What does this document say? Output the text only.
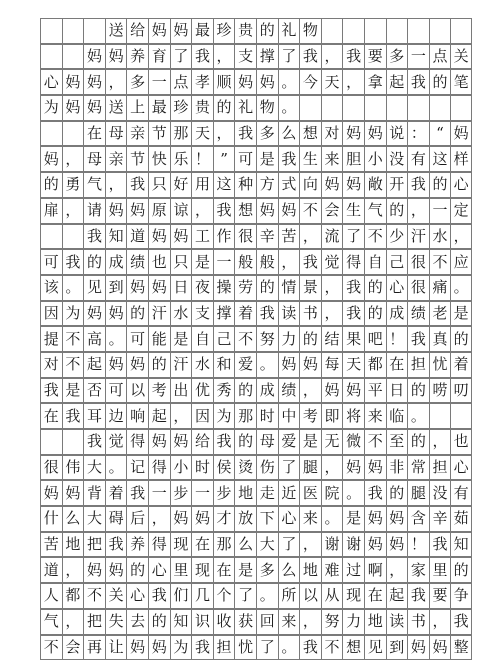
送 给 妈 妈 最 珍 贵 的 礼 物
妈 妈 养 育 了 我 ， 支 撑 了 我 ， 我 要 多 一 点 关
心 妈 妈 ， 多 一 点 孝 顺 妈 妈 。 今 天 ， 拿 起 我 的 笔
为 妈 妈 送 上 最 珍 贵 的 礼 物 。
在 母 亲 节 那 天 ， 我 多 么 想 对 妈 妈 说 ： “ 妈
妈 ， 母 亲 节 快 乐 ！ ” 可 是 我 生 来 胆 小 没 有 这 样
的 勇 气 ， 我 只 好 用 这 种 方 式 向 妈 妈 敞 开 我 的 心
扉 ， 请 妈 妈 原 谅 ， 我 想 妈 妈 不 会 生 气 的 ， 一 定
我 知 道 妈 妈 工 作 很 辛 苦 ， 流 了 不 少 汗 水 ，
可 我 的 成 绩 也 只 是 一 般 般 ， 我 觉 得 自 己 很 不 应
该 。 见 到 妈 妈 日 夜 操 劳 的 情 景 ， 我 的 心 很 痛 。
因 为 妈 妈 的 汗 水 支 撑 着 我 读 书 ， 我 的 成 绩 老 是
提 不 高 。 可 能 是 自 己 不 努 力 的 结 果 吧 ！ 我 真 的
对 不 起 妈 妈 的 汗 水 和 爱 。 妈 妈 每 天 都 在 担 忧 着
我 是 否 可 以 考 出 优 秀 的 成 绩 ， 妈 妈 平 日 的 唠 叨
在 我 耳 边 响 起 ， 因 为 那 时 中 考 即 将 来 临 。
我 觉 得 妈 妈 给 我 的 母 爱 是 无 微 不 至 的 ， 也
很 伟 大 。 记 得 小 时 侯 烫 伤 了 腿 ， 妈 妈 非 常 担 心
妈 妈 背 着 我 一 步 一 步 地 走 近 医 院 。 我 的 腿 没 有
什 么 大 碍 后 ， 妈 妈 才 放 下 心 来 。 是 妈 妈 含 辛 茹
苦 地 把 我 养 得 现 在 那 么 大 了 ， 谢 谢 妈 妈 ！ 我 知
道 ， 妈 妈 的 心 里 现 在 是 多 么 地 难 过 啊 ， 家 里 的
人 都 不 关 心 我 们 几 个 了 。 所 以 从 现 在 起 我 要 争
气 ， 把 失 去 的 知 识 收 获 回 来 ， 努 力 地 读 书 ， 我
不 会 再 让 妈 妈 为 我 担 忧 了 。 我 不 想 见 到 妈 妈 整
